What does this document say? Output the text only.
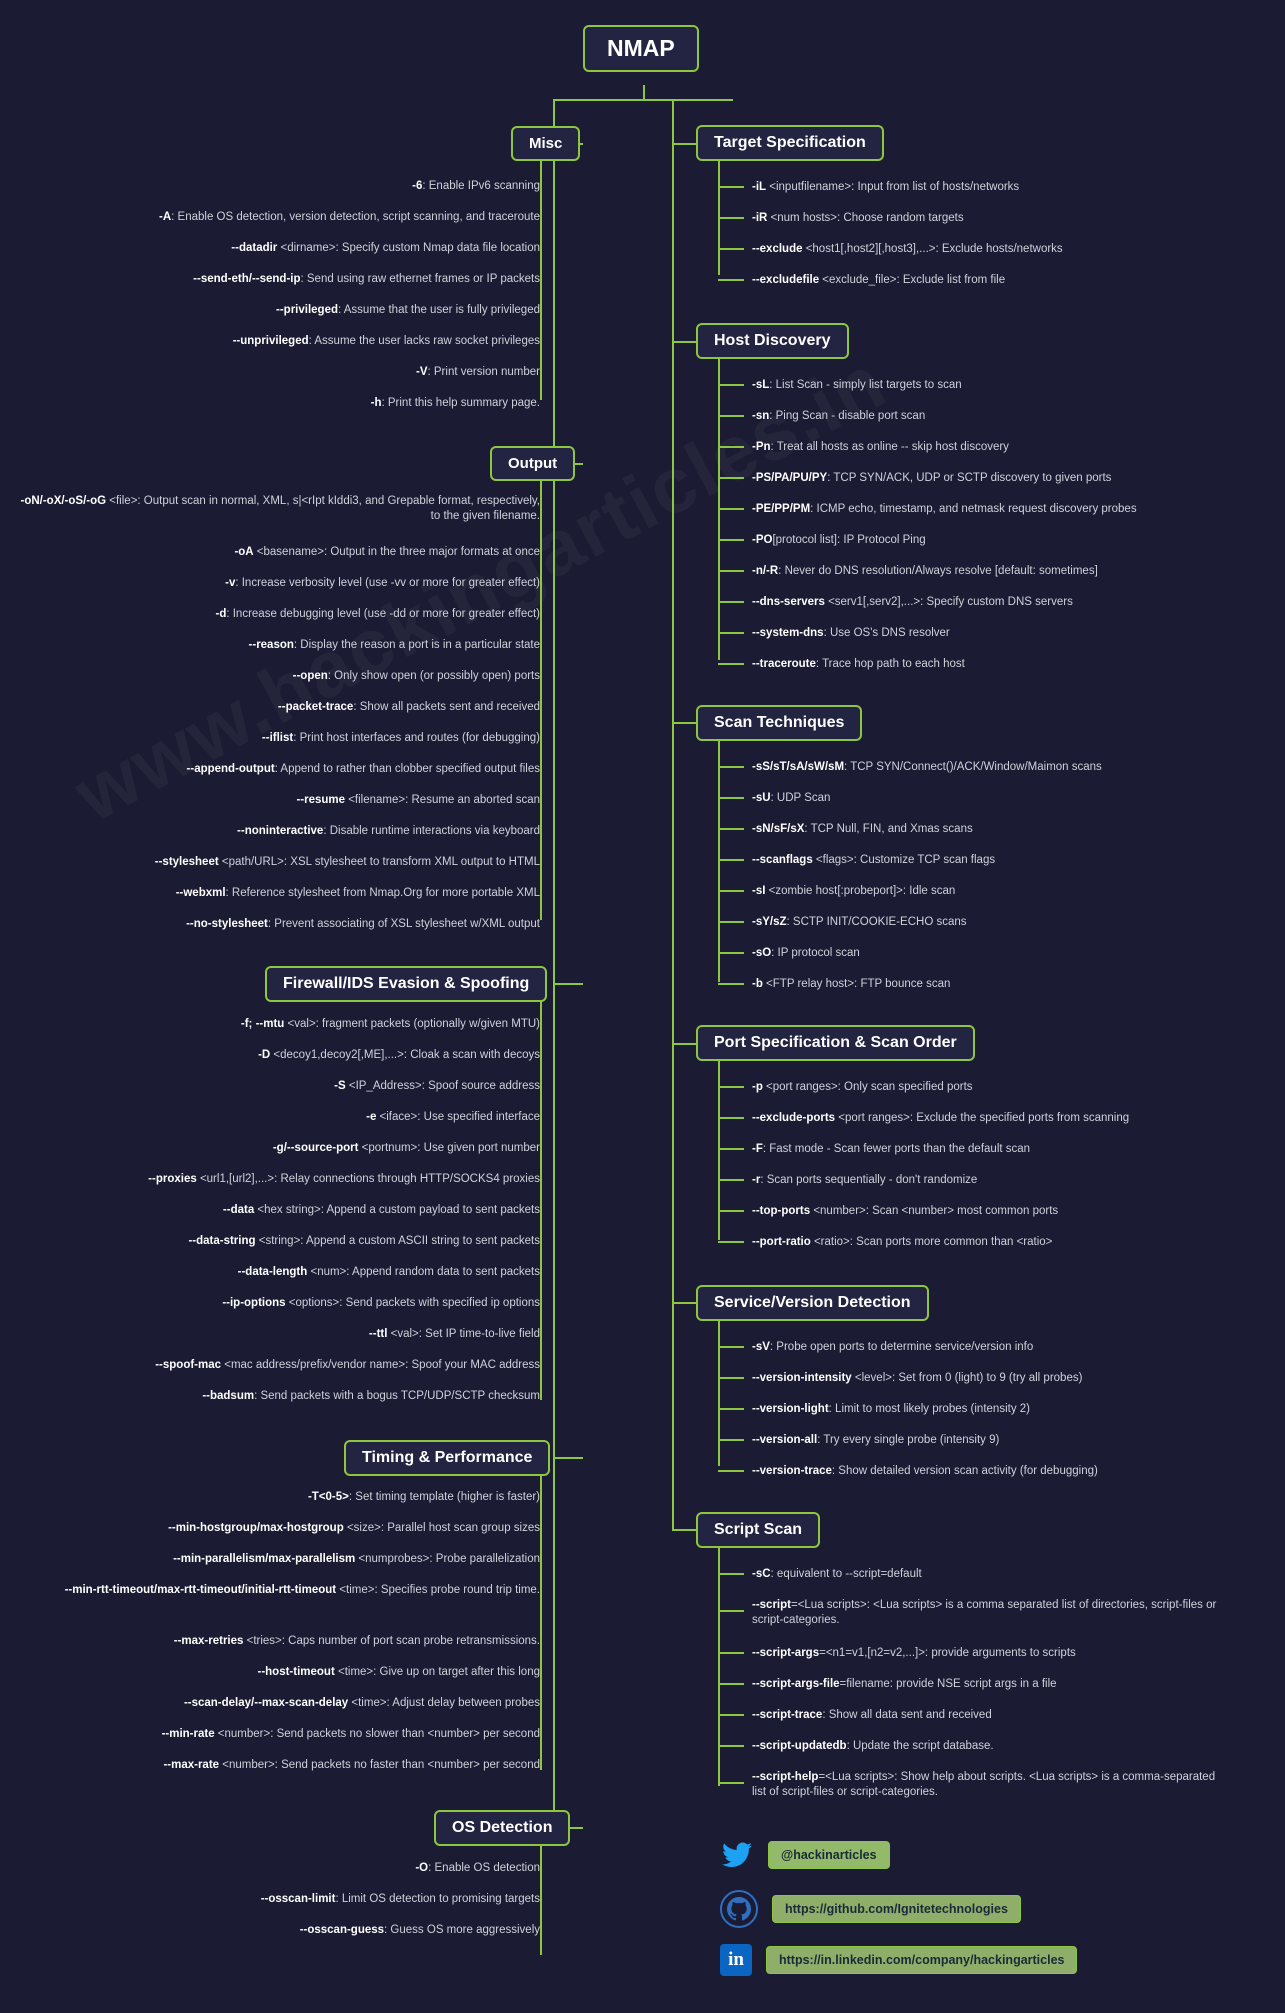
NMAP
Misc
Output
Firewall/IDS Evasion & Spoofing
Timing & Performance
OS Detection
Target Specification
Host Discovery
Scan Techniques
Port Specification & Scan Order
Service/Version Detection
Script Scan
-6: Enable IPv6 scanning
-A: Enable OS detection, version detection, script scanning, and traceroute
--datadir <dirname>: Specify custom Nmap data file location
--send-eth/--send-ip: Send using raw ethernet frames or IP packets
--privileged: Assume that the user is fully privileged
--unprivileged: Assume the user lacks raw socket privileges
-V: Print version number
-h: Print this help summary page.
-oN/-oX/-oS/-oG <file>: Output scan in normal, XML, s|<rIpt kIddi3, and Grepable format, respectively, to the given filename.
-oA <basename>: Output in the three major formats at once
-v: Increase verbosity level (use -vv or more for greater effect)
-d: Increase debugging level (use -dd or more for greater effect)
--reason: Display the reason a port is in a particular state
--open: Only show open (or possibly open) ports
--packet-trace: Show all packets sent and received
--iflist: Print host interfaces and routes (for debugging)
--append-output: Append to rather than clobber specified output files
--resume <filename>: Resume an aborted scan
--noninteractive: Disable runtime interactions via keyboard
--stylesheet <path/URL>: XSL stylesheet to transform XML output to HTML
--webxml: Reference stylesheet from Nmap.Org for more portable XML
--no-stylesheet: Prevent associating of XSL stylesheet w/XML output
-f; --mtu <val>: fragment packets (optionally w/given MTU)
-D <decoy1,decoy2[,ME],...>: Cloak a scan with decoys
-S <IP_Address>: Spoof source address
-e <iface>: Use specified interface
-g/--source-port <portnum>: Use given port number
--proxies <url1,[url2],...>: Relay connections through HTTP/SOCKS4 proxies
--data <hex string>: Append a custom payload to sent packets
--data-string <string>: Append a custom ASCII string to sent packets
--data-length <num>: Append random data to sent packets
--ip-options <options>: Send packets with specified ip options
--ttl <val>: Set IP time-to-live field
--spoof-mac <mac address/prefix/vendor name>: Spoof your MAC address
--badsum: Send packets with a bogus TCP/UDP/SCTP checksum
-T<0-5>: Set timing template (higher is faster)
--min-hostgroup/max-hostgroup <size>: Parallel host scan group sizes
--min-parallelism/max-parallelism <numprobes>: Probe parallelization
--min-rtt-timeout/max-rtt-timeout/initial-rtt-timeout <time>: Specifies probe round trip time.
--max-retries <tries>: Caps number of port scan probe retransmissions.
--host-timeout <time>: Give up on target after this long
--scan-delay/--max-scan-delay <time>: Adjust delay between probes
--min-rate <number>: Send packets no slower than <number> per second
--max-rate <number>: Send packets no faster than <number> per second
-O: Enable OS detection
--osscan-limit: Limit OS detection to promising targets
--osscan-guess: Guess OS more aggressively
-iL <inputfilename>: Input from list of hosts/networks
-iR <num hosts>: Choose random targets
--exclude <host1[,host2][,host3],...>: Exclude hosts/networks
--excludefile <exclude_file>: Exclude list from file
-sL: List Scan - simply list targets to scan
-sn: Ping Scan - disable port scan
-Pn: Treat all hosts as online -- skip host discovery
-PS/PA/PU/PY: TCP SYN/ACK, UDP or SCTP discovery to given ports
-PE/PP/PM: ICMP echo, timestamp, and netmask request discovery probes
-PO[protocol list]: IP Protocol Ping
-n/-R: Never do DNS resolution/Always resolve [default: sometimes]
--dns-servers <serv1[,serv2],...>: Specify custom DNS servers
--system-dns: Use OS's DNS resolver
--traceroute: Trace hop path to each host
-sS/sT/sA/sW/sM: TCP SYN/Connect()/ACK/Window/Maimon scans
-sU: UDP Scan
-sN/sF/sX: TCP Null, FIN, and Xmas scans
--scanflags <flags>: Customize TCP scan flags
-sI <zombie host[:probeport]>: Idle scan
-sY/sZ: SCTP INIT/COOKIE-ECHO scans
-sO: IP protocol scan
-b <FTP relay host>: FTP bounce scan
-p <port ranges>: Only scan specified ports
--exclude-ports <port ranges>: Exclude the specified ports from scanning
-F: Fast mode - Scan fewer ports than the default scan
-r: Scan ports sequentially - don't randomize
--top-ports <number>: Scan <number> most common ports
--port-ratio <ratio>: Scan ports more common than <ratio>
-sV: Probe open ports to determine service/version info
--version-intensity <level>: Set from 0 (light) to 9 (try all probes)
--version-light: Limit to most likely probes (intensity 2)
--version-all: Try every single probe (intensity 9)
--version-trace: Show detailed version scan activity (for debugging)
-sC: equivalent to --script=default
--script=<Lua scripts>: <Lua scripts> is a comma separated list of directories, script-files or script-categories.
--script-args=<n1=v1,[n2=v2,...]>: provide arguments to scripts
--script-args-file=filename: provide NSE script args in a file
--script-trace: Show all data sent and received
--script-updatedb: Update the script database.
--script-help=<Lua scripts>: Show help about scripts. <Lua scripts> is a comma-separated list of script-files or script-categories.
@hackinarticles
https://github.com/Ignitetechnologies
in	https://in.linkedin.com/company/hackingarticles
